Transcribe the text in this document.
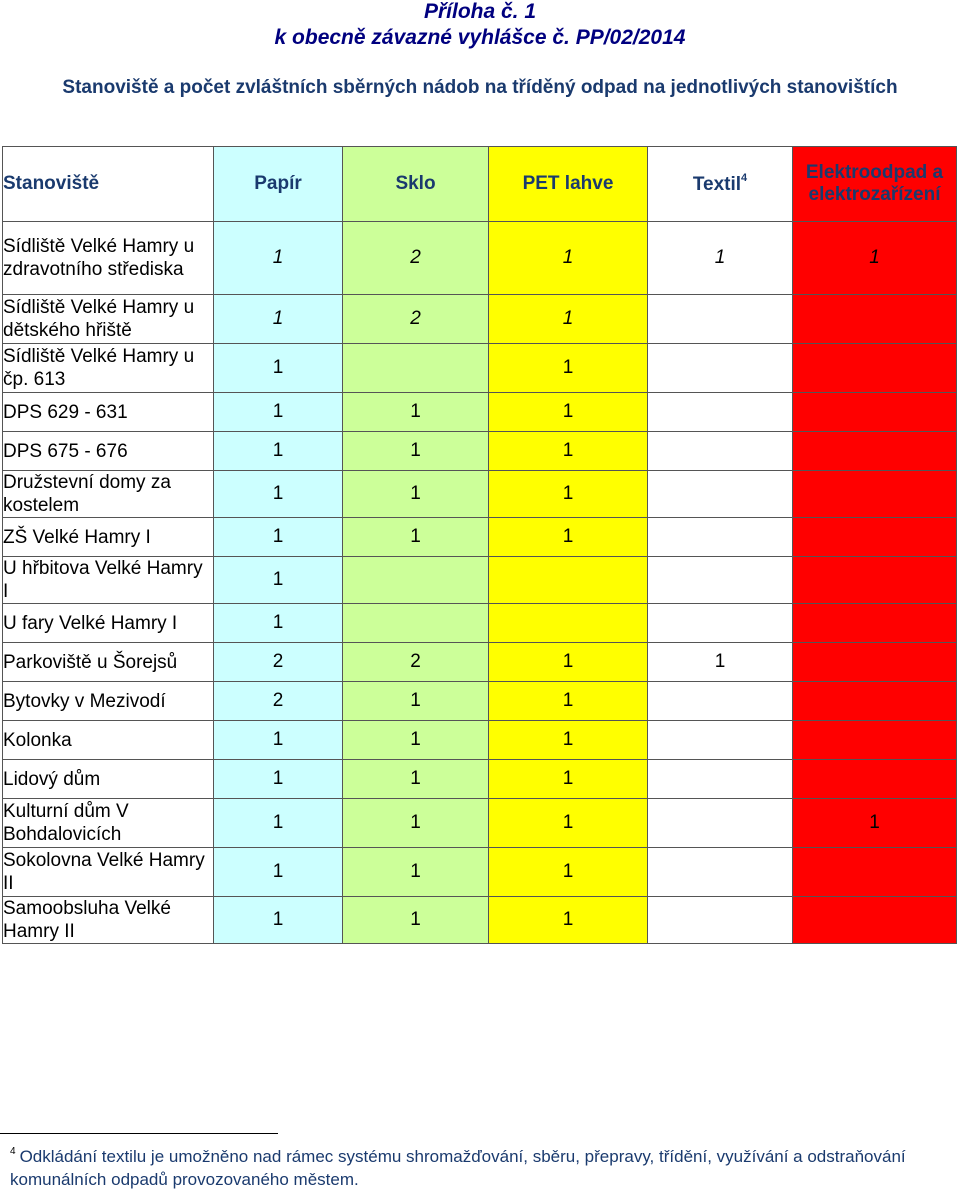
Příloha č. 1
k obecně závazné vyhlášce č. PP/02/2014
Stanoviště a počet zvláštních sběrných nádob na tříděný odpad na jednotlivých stanovištích
Stanoviště	Papír	Sklo	PET lahve	Textil$^4$	Elektroodpad a elektrozařízení
Sídliště Velké Hamry u zdravotního střediska	1	2	1	1	1
Sídliště Velké Hamry u dětského hřiště	1	2	1		
Sídliště Velké Hamry u čp. 613	1		1		
DPS 629 - 631	1	1	1		
DPS 675 - 676	1	1	1		
Družstevní domy za kostelem	1	1	1		
ZŠ Velké Hamry I	1	1	1		
U hřbitova Velké Hamry I	1				
U fary Velké Hamry I	1				
Parkoviště u Šorejsů	2	2	1	1	
Bytovky v Mezivodí	2	1	1		
Kolonka	1	1	1		
Lidový dům	1	1	1		
Kulturní dům V Bohdalovicích	1	1	1		1
Sokolovna Velké Hamry II	1	1	1		
Samoobsluha Velké Hamry II	1	1	1		
$^4$ Odkládání textilu je umožněno nad rámec systému shromažďování, sběru, přepravy, třídění, využívání a odstraňování komunálních odpadů provozovaného městem.
